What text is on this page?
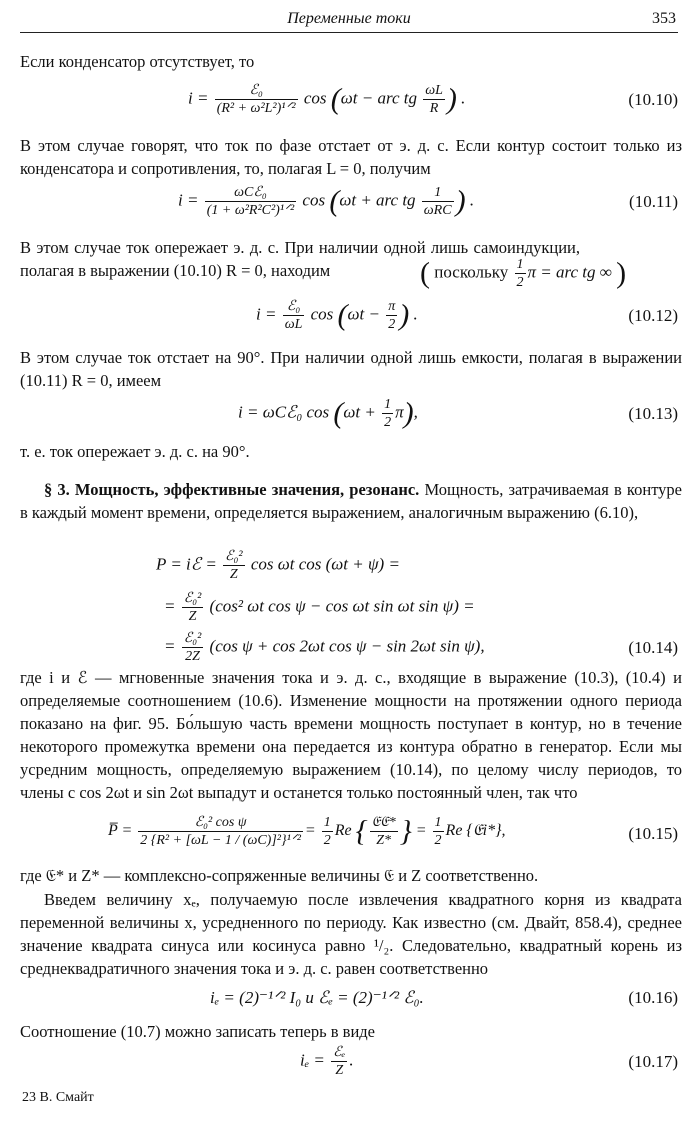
Переменные токи	353
Если конденсатор отсутствует, то
$i = \frac{\text{ℰ₀}}{\text{(R² + ω²L²)¹ᐟ²}}$ cos (ωt − arc tg $\frac{\omega L}{R}$ ) .	(10.10)
В этом случае говорят, что ток по фазе отстает от э. д. с. Если контур состоит только из конденсатора и сопротивления, то, полагая L = 0, получим
$i = \frac{\text{ωCℰ₀}}{\text{(1 + ω²R²C²)¹ᐟ²}}$ cos (ωt + arc tg $\frac{1}{\text{ωRC}}$ ) .	(10.11)
В этом случае ток опережает э. д. с. При наличии одной лишь самоиндукции, полагая в выражении (10.10) R = 0, находим	( поскольку $\frac{1}{2}$ π = arc tg ∞ )
$i = \frac{\text{ℰ₀}}{\omega L}$ $\cos (\omega t - \frac{\pi}{2}$ ) .	(10.12)
В этом случае ток отстает на 90°. При наличии одной лишь емкости, полагая в выражении (10.11) R = 0, имеем
i = ωCℰ₀ $\cos (\omega t + \frac{1}{2} \pi)$,	(10.13)
т. е. ток опережает э. д. с. на 90°.
§ 3. Мощность, эффективные значения, резонанс. Мощность, затрачиваемая в контуре в каждый момент времени, определяется выражением, аналогичным выражению (6.10),
P = iℰ = $\frac{\text{ℰ₀²}}{Z}$ cos ωt cos (ωt + ψ) =
= $\frac{\text{ℰ₀²}}{Z} (\cos^2$ ωt cos ψ − cos ωt sin ωt sin ψ) =
= $\frac{\text{ℰ₀²}}{2Z} (\cos$ ψ + cos 2ωt cos ψ − sin 2ωt sin ψ),	(10.14)
где i и ℰ — мгновенные значения тока и э. д. с., входящие в выражение (10.3), (10.4) и определяемые соотношением (10.6). Изменение мощности на протяжении одного периода показано на фиг. 95. Бо́льшую часть времени мощность поступает в контур, но в течение некоторого промежутка времени она передается из контура обратно в генератор. Если мы усредним мощность, определяемую выражением (10.14), по целому числу периодов, то члены с cos 2ωt и sin 2ωt выпадут и останется только постоянный член, так что
P̅ = $\frac{\text{ℰ₀² cos ψ}}{\text{2 \{R² + [ωL − 1 / (ωC)]²\}¹ᐟ²}} = \frac{1}{2}$ Re { $\frac{\text{𝔈𝔈*}}{Z*}$ } = $\frac{1}{2}$ Re {𝔈i*},	(10.15)
где 𝔈* и Z* — комплексно-сопряженные величины 𝔈 и Z соответственно.
Введем величину xₑ, получаемую после извлечения квадратного корня из квадрата переменной величины x, усредненного по периоду. Как известно (см. Двайт, 858.4), среднее значение квадрата синуса или косинуса равно ¹/₂. Следовательно, квадратный корень из среднеквадратичного значения тока и э. д. с. равен соответственно
iₑ = (2)⁻¹ᐟ² I₀ и ℰₑ = (2)⁻¹ᐟ² ℰ₀.	(10.16)
Соотношение (10.7) можно записать теперь в виде
$i_e = \frac{\text{ℰₑ}}{Z}$ .	(10.17)
23 В. Смайт
